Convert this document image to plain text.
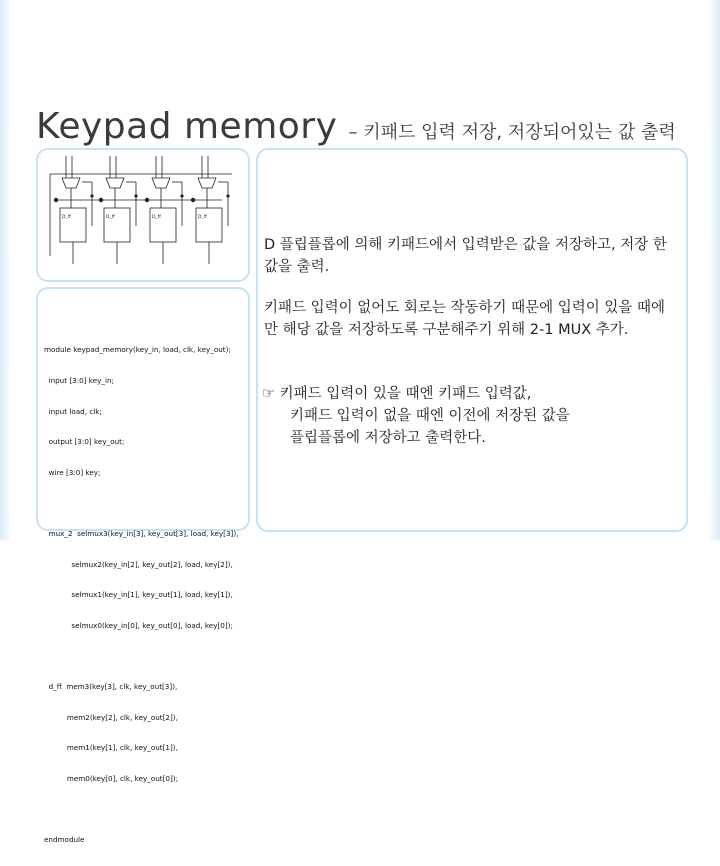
Keypad memory – 키패드 입력 저장, 저장되어있는 값 출력
D_ff	D_ff	D_ff	D_ff

module keypad_memory(key_in, load, clk, key_out);

input [3:0] key_in;

input load, clk;

output [3:0] key_out;

wire [3:0] key;

mux_2  selmux3(key_in[3], key_out[3], load, key[3]),

selmux2(key_in[2], key_out[2], load, key[2]),

selmux1(key_in[1], key_out[1], load, key[1]),

selmux0(key_in[0], key_out[0], load, key[0]);

d_ff  mem3(key[3], clk, key_out[3]),

mem2(key[2], clk, key_out[2]),

mem1(key[1], clk, key_out[1]),

mem0(key[0], clk, key_out[0]);

endmodule

D 플립플롭에 의해 키패드에서 입력받은 값을 저장하고, 저장 한 값을 출력.
키패드 입력이 없어도 회로는 작동하기 때문에 입력이 있을 때에만 해당 값을 저장하도록 구분해주기 위해 2-1 MUX 추가.
☞ 키패드 입력이 있을 때엔 키패드 입력값,
키패드 입력이 없을 때엔 이전에 저장된 값을
플립플롭에 저장하고 출력한다.
